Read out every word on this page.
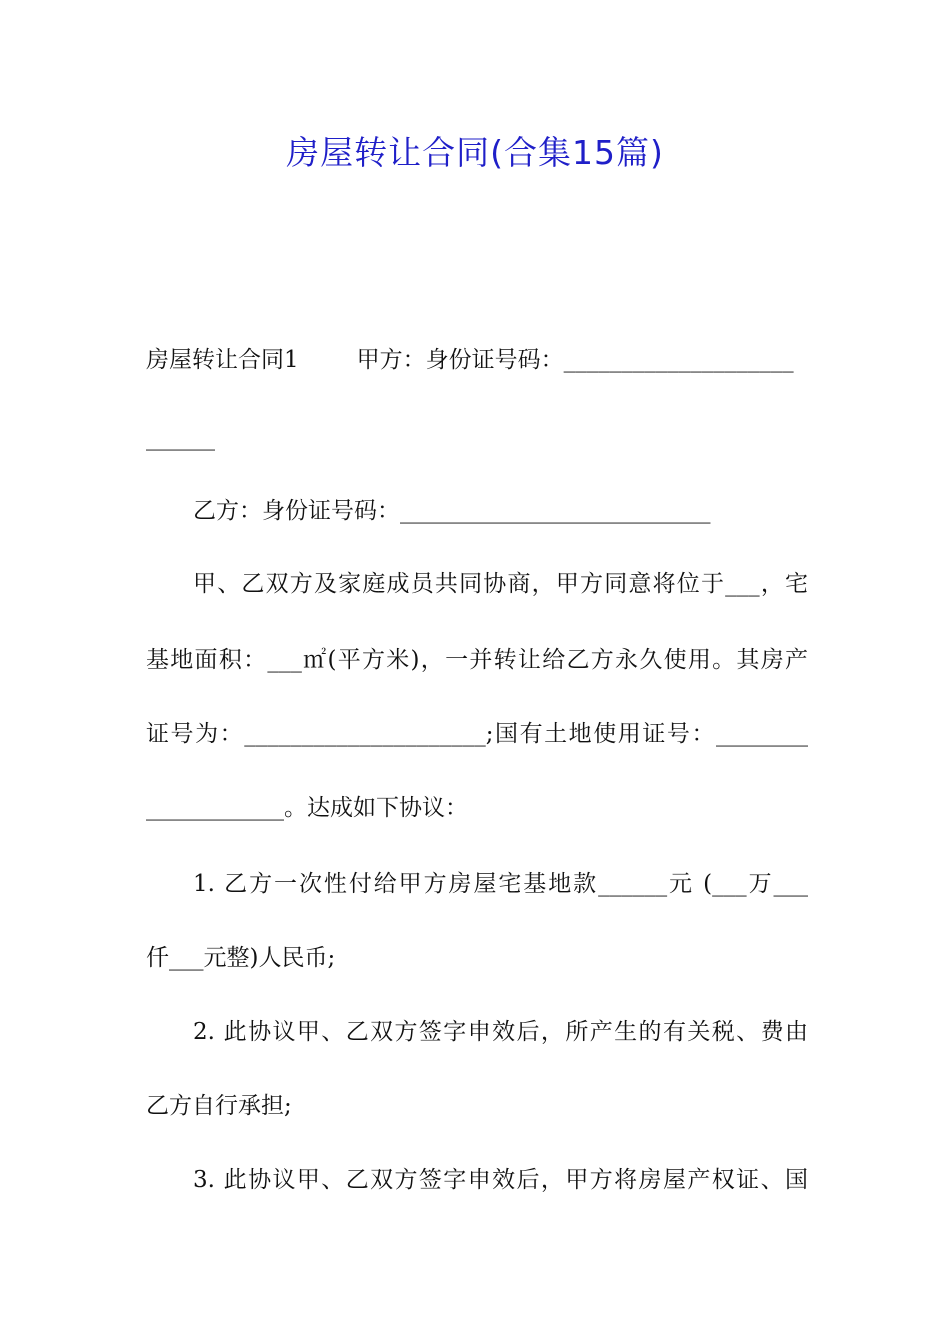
房屋转让合同(合集15篇)
房屋转让合同1	甲方：身份证号码：____________________
______
乙方：身份证号码：___________________________
甲、乙双方及家庭成员共同协商，甲方同意将位于___，宅
基地面积：___㎡(平方米)，一并转让给乙方永久使用。其房产
证号为：_____________________;国有土地使用证号：________
____________。达成如下协议：
1. 乙方一次性付给甲方房屋宅基地款______元 (___万___
仟___元整)人民币;
2. 此协议甲、乙双方签字申效后，所产生的有关税、费由
乙方自行承担;
3. 此协议甲、乙双方签字申效后，甲方将房屋产权证、国
